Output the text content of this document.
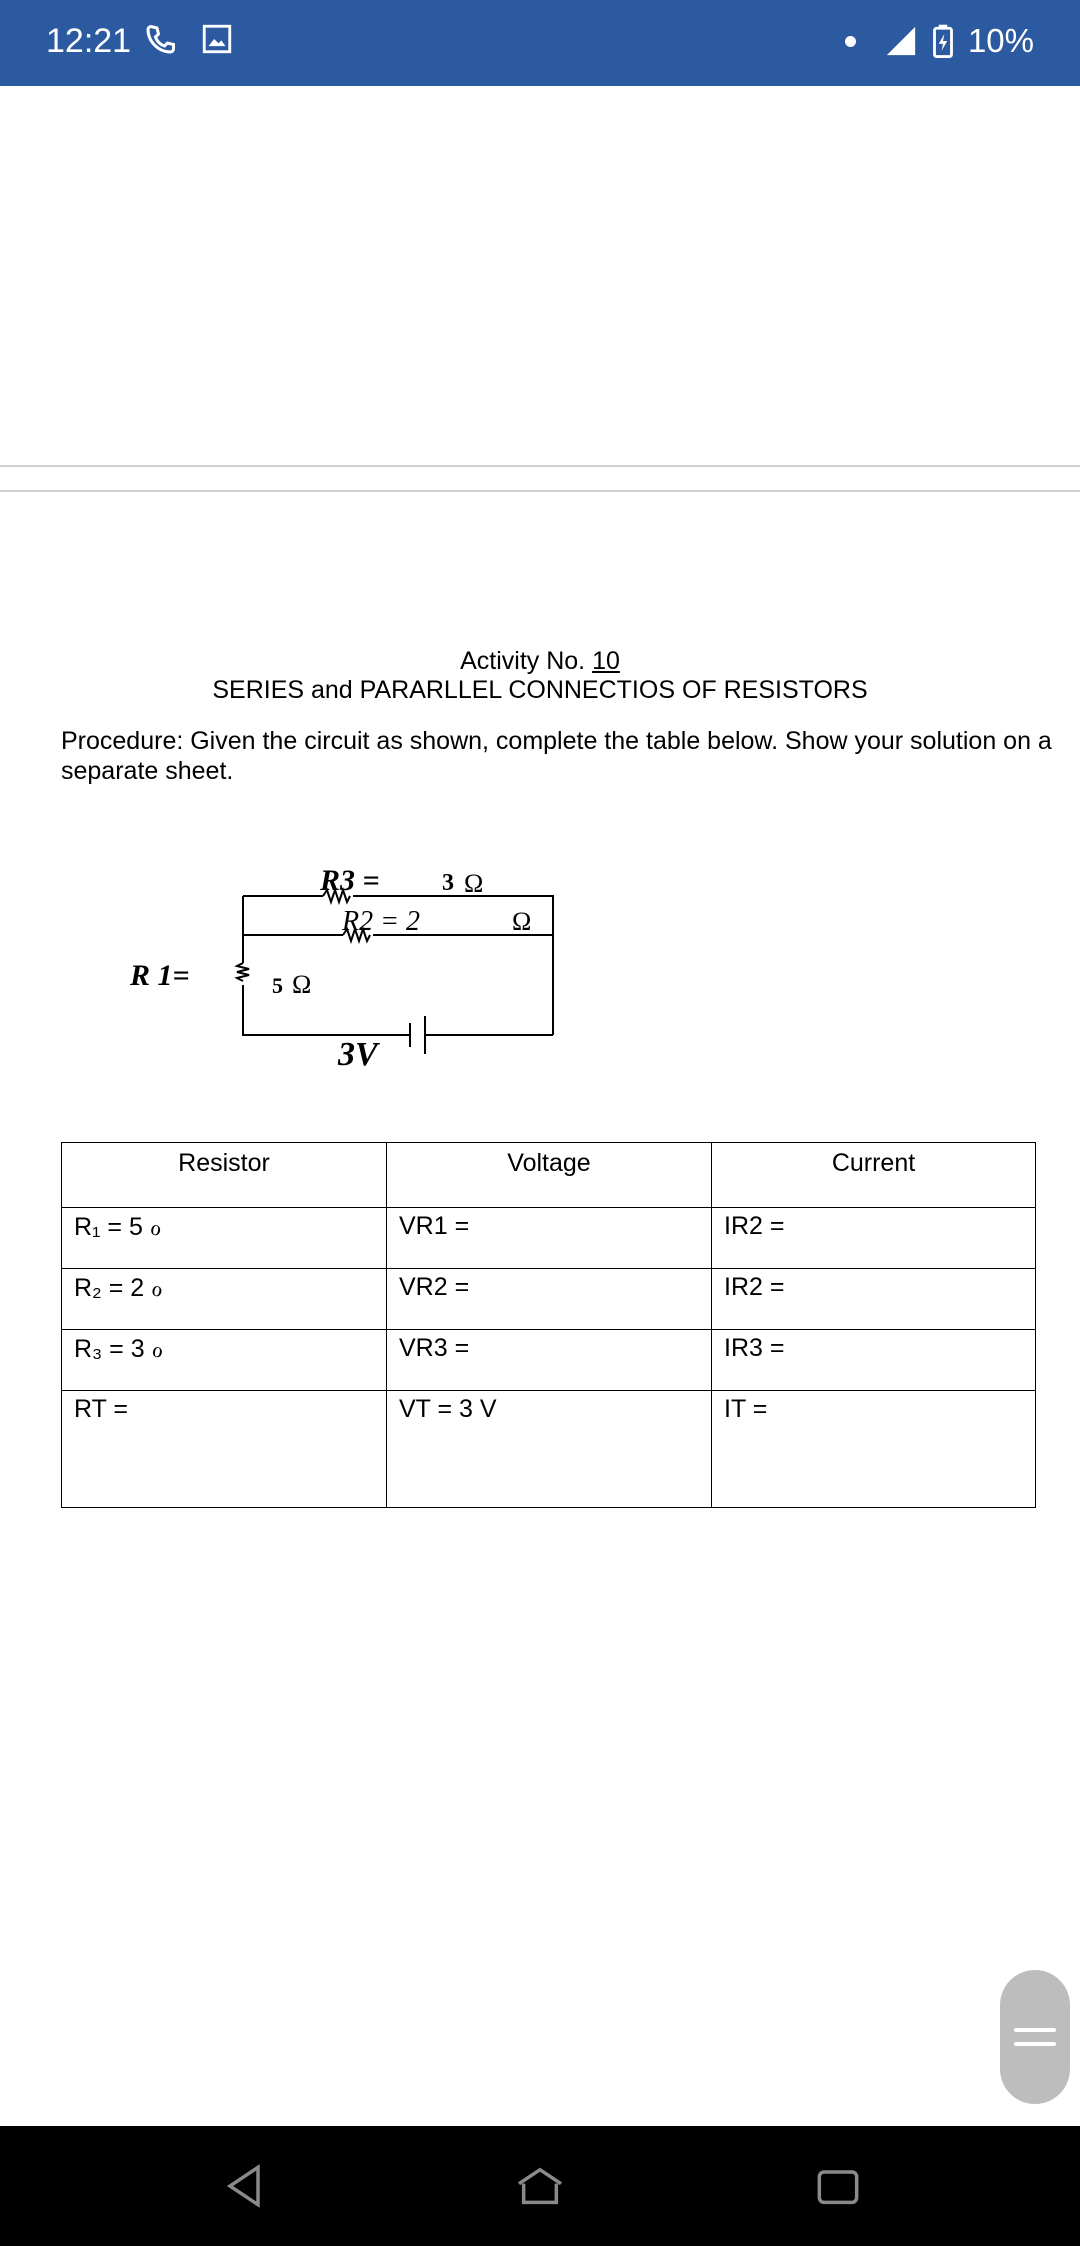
12:21	10%
Activity No. 10
SERIES and PARARLLEL CONNECTIOS OF RESISTORS
Procedure: Given the circuit as shown, complete the table below. Show your solution on a separate sheet.
R3 =	3 Ω
R2 = 2	Ω
R 1=	5 Ω
3V
Resistor	Voltage	Current
R₁ = 5 ℴ	VR1 =	IR2 =
R₂ = 2 ℴ	VR2 =	IR2 =
R₃ = 3 ℴ	VR3 =	IR3 =
RT =	VT = 3 V	IT =
